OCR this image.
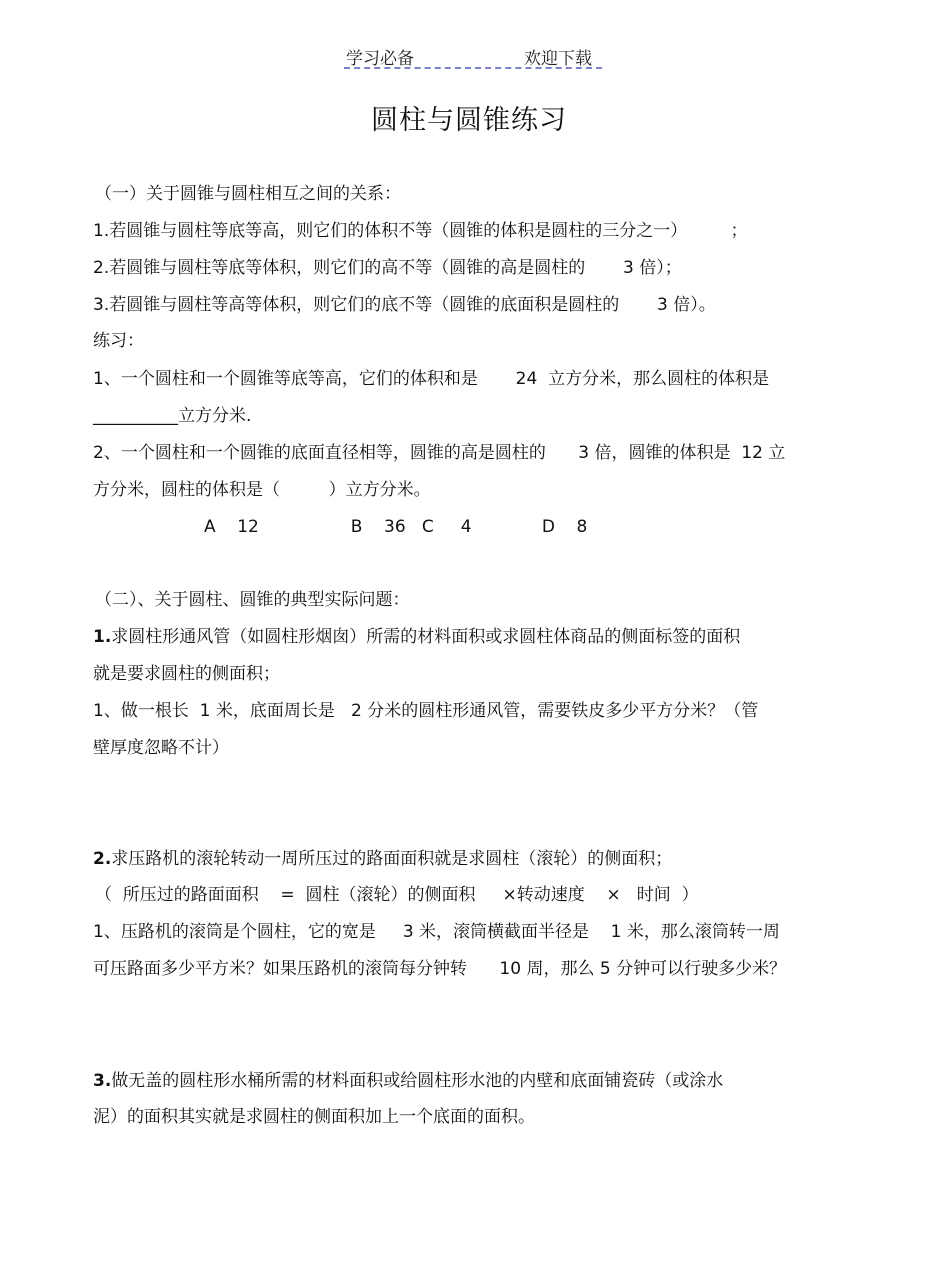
学习必备	欢迎下载
圆柱与圆锥练习
（一）关于圆锥与圆柱相互之间的关系：
1.若圆锥与圆柱等底等高，则它们的体积不等（圆锥的体积是圆柱的三分之一）        ；
2.若圆锥与圆柱等底等体积，则它们的高不等（圆锥的高是圆柱的       3 倍）；
3.若圆锥与圆柱等高等体积，则它们的底不等（圆锥的底面积是圆柱的       3 倍）。
练习：
1、一个圆柱和一个圆锥等底等高，它们的体积和是       24  立方分米，那么圆柱的体积是
__________立方分米.
2、一个圆柱和一个圆锥的底面直径相等，圆锥的高是圆柱的      3 倍，圆锥的体积是  12 立
方分米，圆柱的体积是（         ）立方分米。
A    12                 B    36   C     4             D    8
（二）、关于圆柱、圆锥的典型实际问题：
1.求圆柱形通风管（如圆柱形烟囱）所需的材料面积或求圆柱体商品的侧面标签的面积
就是要求圆柱的侧面积；
1、做一根长  1 米，底面周长是   2 分米的圆柱形通风管，需要铁皮多少平方分米？（管
壁厚度忽略不计）
2.求压路机的滚轮转动一周所压过的路面面积就是求圆柱（滚轮）的侧面积；
（  所压过的路面面积    =  圆柱（滚轮）的侧面积     ×转动速度    ×   时间  ）
1、压路机的滚筒是个圆柱，它的宽是     3 米，滚筒横截面半径是    1 米，那么滚筒转一周
可压路面多少平方米？如果压路机的滚筒每分钟转      10 周，那么 5 分钟可以行驶多少米？
3.做无盖的圆柱形水桶所需的材料面积或给圆柱形水池的内壁和底面铺瓷砖（或涂水
泥）的面积其实就是求圆柱的侧面积加上一个底面的面积。
